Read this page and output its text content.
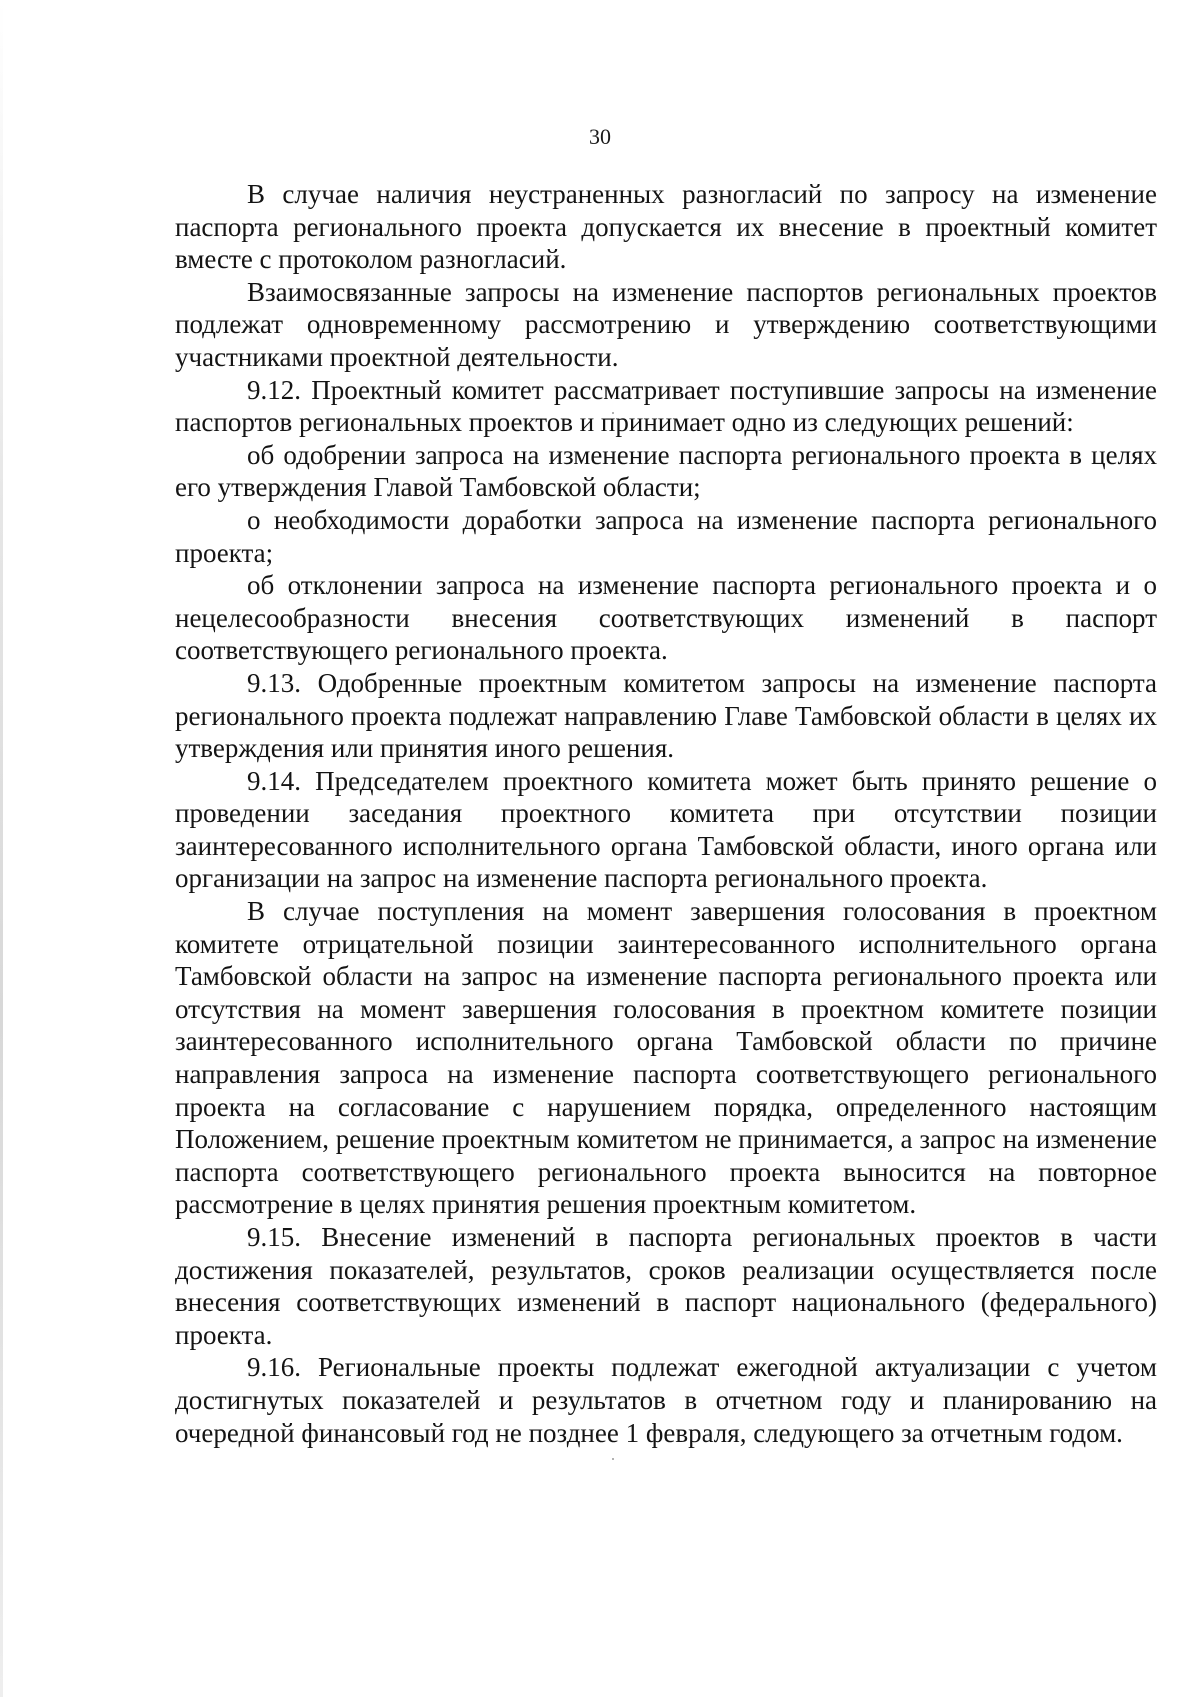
30

В случае наличия неустраненных разногласий по запросу на изменение паспорта регионального проекта допускается их внесение в проектный комитет вместе с протоколом разногласий.

Взаимосвязанные запросы на изменение паспортов региональных проектов подлежат одновременному рассмотрению и утверждению соответствующими участниками проектной деятельности.

9.12. Проектный комитет рассматривает поступившие запросы на изменение паспортов региональных проектов и принимает одно из следующих решений:

об одобрении запроса на изменение паспорта регионального проекта в целях его утверждения Главой Тамбовской области;

о необходимости доработки запроса на изменение паспорта регионального проекта;

об отклонении запроса на изменение паспорта регионального проекта и о нецелесообразности внесения соответствующих изменений в паспорт соответствующего регионального проекта.

9.13. Одобренные проектным комитетом запросы на изменение паспорта регионального проекта подлежат направлению Главе Тамбовской области в целях их утверждения или принятия иного решения.

9.14. Председателем проектного комитета может быть принято решение о проведении заседания проектного комитета при отсутствии позиции заинтересованного исполнительного органа Тамбовской области, иного органа или организации на запрос на изменение паспорта регионального проекта.

В случае поступления на момент завершения голосования в проектном комитете отрицательной позиции заинтересованного исполнительного органа Тамбовской области на запрос на изменение паспорта регионального проекта или отсутствия на момент завершения голосования в проектном комитете позиции заинтересованного исполнительного органа Тамбовской области по причине направления запроса на изменение паспорта соответствующего регионального проекта на согласование с нарушением порядка, определенного настоящим Положением, решение проектным комитетом не принимается, а запрос на изменение паспорта соответствующего регионального проекта выносится на повторное рассмотрение в целях принятия решения проектным комитетом.

9.15. Внесение изменений в паспорта региональных проектов в части достижения показателей, результатов, сроков реализации осуществляется после внесения соответствующих изменений в паспорт национального (федерального) проекта.

9.16. Региональные проекты подлежат ежегодной актуализации с учетом достигнутых показателей и результатов в отчетном году и планированию на очередной финансовый год не позднее 1 февраля, следующего за отчетным годом.
